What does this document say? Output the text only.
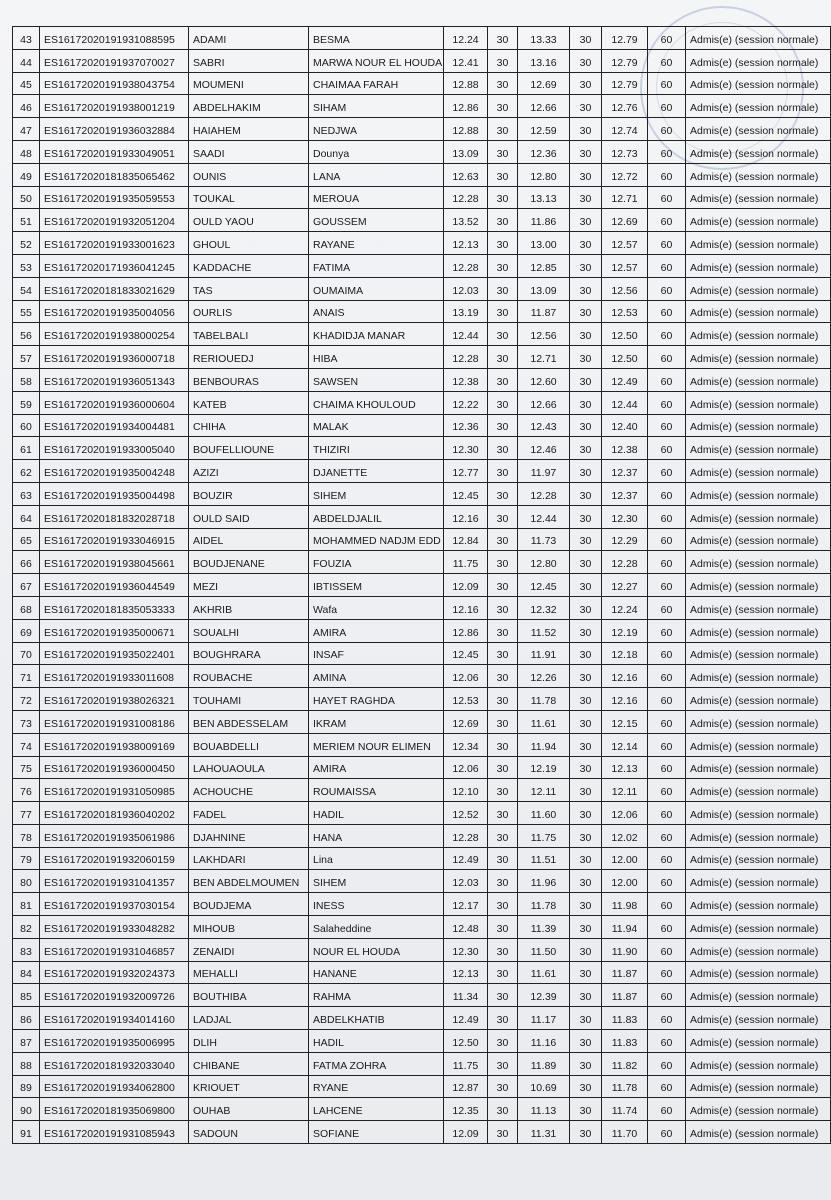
43	ES16172020191931088595	ADAMI	BESMA	12.24	30	13.33	30	12.79	60	Admis(e) (session normale)
44	ES16172020191937070027	SABRI	MARWA NOUR EL HOUDA	12.41	30	13.16	30	12.79	60	Admis(e) (session normale)
45	ES16172020191938043754	MOUMENI	CHAIMAA FARAH	12.88	30	12.69	30	12.79	60	Admis(e) (session normale)
46	ES16172020191938001219	ABDELHAKIM	SIHAM	12.86	30	12.66	30	12.76	60	Admis(e) (session normale)
47	ES16172020191936032884	HAIAHEM	NEDJWA	12.88	30	12.59	30	12.74	60	Admis(e) (session normale)
48	ES16172020191933049051	SAADI	Dounya	13.09	30	12.36	30	12.73	60	Admis(e) (session normale)
49	ES16172020181835065462	OUNIS	LANA	12.63	30	12.80	30	12.72	60	Admis(e) (session normale)
50	ES16172020191935059553	TOUKAL	MEROUA	12.28	30	13.13	30	12.71	60	Admis(e) (session normale)
51	ES16172020191932051204	OULD YAOU	GOUSSEM	13.52	30	11.86	30	12.69	60	Admis(e) (session normale)
52	ES16172020191933001623	GHOUL	RAYANE	12.13	30	13.00	30	12.57	60	Admis(e) (session normale)
53	ES16172020171936041245	KADDACHE	FATIMA	12.28	30	12.85	30	12.57	60	Admis(e) (session normale)
54	ES16172020181833021629	TAS	OUMAIMA	12.03	30	13.09	30	12.56	60	Admis(e) (session normale)
55	ES16172020191935004056	OURLIS	ANAIS	13.19	30	11.87	30	12.53	60	Admis(e) (session normale)
56	ES16172020191938000254	TABELBALI	KHADIDJA MANAR	12.44	30	12.56	30	12.50	60	Admis(e) (session normale)
57	ES16172020191936000718	RERIOUEDJ	HIBA	12.28	30	12.71	30	12.50	60	Admis(e) (session normale)
58	ES16172020191936051343	BENBOURAS	SAWSEN	12.38	30	12.60	30	12.49	60	Admis(e) (session normale)
59	ES16172020191936000604	KATEB	CHAIMA KHOULOUD	12.22	30	12.66	30	12.44	60	Admis(e) (session normale)
60	ES16172020191934004481	CHIHA	MALAK	12.36	30	12.43	30	12.40	60	Admis(e) (session normale)
61	ES16172020191933005040	BOUFELLIOUNE	THIZIRI	12.30	30	12.46	30	12.38	60	Admis(e) (session normale)
62	ES16172020191935004248	AZIZI	DJANETTE	12.77	30	11.97	30	12.37	60	Admis(e) (session normale)
63	ES16172020191935004498	BOUZIR	SIHEM	12.45	30	12.28	30	12.37	60	Admis(e) (session normale)
64	ES16172020181832028718	OULD SAID	ABDELDJALIL	12.16	30	12.44	30	12.30	60	Admis(e) (session normale)
65	ES16172020191933046915	AIDEL	MOHAMMED NADJM EDD	12.84	30	11.73	30	12.29	60	Admis(e) (session normale)
66	ES16172020191938045661	BOUDJENANE	FOUZIA	11.75	30	12.80	30	12.28	60	Admis(e) (session normale)
67	ES16172020191936044549	MEZI	IBTISSEM	12.09	30	12.45	30	12.27	60	Admis(e) (session normale)
68	ES16172020181835053333	AKHRIB	Wafa	12.16	30	12.32	30	12.24	60	Admis(e) (session normale)
69	ES16172020191935000671	SOUALHI	AMIRA	12.86	30	11.52	30	12.19	60	Admis(e) (session normale)
70	ES16172020191935022401	BOUGHRARA	INSAF	12.45	30	11.91	30	12.18	60	Admis(e) (session normale)
71	ES16172020191933011608	ROUBACHE	AMINA	12.06	30	12.26	30	12.16	60	Admis(e) (session normale)
72	ES16172020191938026321	TOUHAMI	HAYET RAGHDA	12.53	30	11.78	30	12.16	60	Admis(e) (session normale)
73	ES16172020191931008186	BEN ABDESSELAM	IKRAM	12.69	30	11.61	30	12.15	60	Admis(e) (session normale)
74	ES16172020191938009169	BOUABDELLI	MERIEM NOUR ELIMEN	12.34	30	11.94	30	12.14	60	Admis(e) (session normale)
75	ES16172020191936000450	LAHOUAOULA	AMIRA	12.06	30	12.19	30	12.13	60	Admis(e) (session normale)
76	ES16172020191931050985	ACHOUCHE	ROUMAISSA	12.10	30	12.11	30	12.11	60	Admis(e) (session normale)
77	ES16172020181936040202	FADEL	HADIL	12.52	30	11.60	30	12.06	60	Admis(e) (session normale)
78	ES16172020191935061986	DJAHNINE	HANA	12.28	30	11.75	30	12.02	60	Admis(e) (session normale)
79	ES16172020191932060159	LAKHDARI	Lina	12.49	30	11.51	30	12.00	60	Admis(e) (session normale)
80	ES16172020191931041357	BEN ABDELMOUMEN	SIHEM	12.03	30	11.96	30	12.00	60	Admis(e) (session normale)
81	ES16172020191937030154	BOUDJEMA	INESS	12.17	30	11.78	30	11.98	60	Admis(e) (session normale)
82	ES16172020191933048282	MIHOUB	Salaheddine	12.48	30	11.39	30	11.94	60	Admis(e) (session normale)
83	ES16172020191931046857	ZENAIDI	NOUR EL HOUDA	12.30	30	11.50	30	11.90	60	Admis(e) (session normale)
84	ES16172020191932024373	MEHALLI	HANANE	12.13	30	11.61	30	11.87	60	Admis(e) (session normale)
85	ES16172020191932009726	BOUTHIBA	RAHMA	11.34	30	12.39	30	11.87	60	Admis(e) (session normale)
86	ES16172020191934014160	LADJAL	ABDELKHATIB	12.49	30	11.17	30	11.83	60	Admis(e) (session normale)
87	ES16172020191935006995	DLIH	HADIL	12.50	30	11.16	30	11.83	60	Admis(e) (session normale)
88	ES16172020181932033040	CHIBANE	FATMA ZOHRA	11.75	30	11.89	30	11.82	60	Admis(e) (session normale)
89	ES16172020191934062800	KRIOUET	RYANE	12.87	30	10.69	30	11.78	60	Admis(e) (session normale)
90	ES16172020181935069800	OUHAB	LAHCENE	12.35	30	11.13	30	11.74	60	Admis(e) (session normale)
91	ES16172020191931085943	SADOUN	SOFIANE	12.09	30	11.31	30	11.70	60	Admis(e) (session normale)
